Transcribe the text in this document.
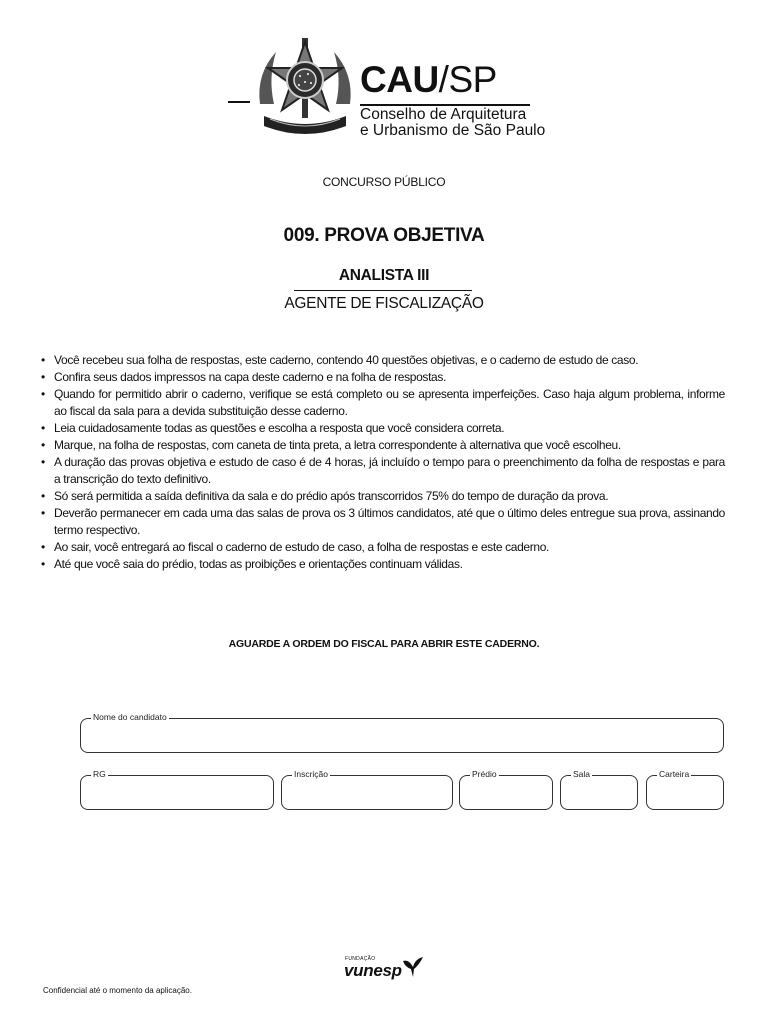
CAU/SP
Conselho de Arquitetura
e Urbanismo de São Paulo
CONCURSO PÚBLICO
009. PROVA OBJETIVA
ANALISTA III
AGENTE DE FISCALIZAÇÃO
• Você recebeu sua folha de respostas, este caderno, contendo 40 questões objetivas, e o caderno de estudo de caso.
• Confira seus dados impressos na capa deste caderno e na folha de respostas.
• Quando for permitido abrir o caderno, verifique se está completo ou se apresenta imperfeições. Caso haja algum problema, informe ao fiscal da sala para a devida substituição desse caderno.
• Leia cuidadosamente todas as questões e escolha a resposta que você considera correta.
• Marque, na folha de respostas, com caneta de tinta preta, a letra correspondente à alternativa que você escolheu.
• A duração das provas objetiva e estudo de caso é de 4 horas, já incluído o tempo para o preenchimento da folha de respostas e para a transcrição do texto definitivo.
• Só será permitida a saída definitiva da sala e do prédio após transcorridos 75% do tempo de duração da prova.
• Deverão permanecer em cada uma das salas de prova os 3 últimos candidatos, até que o último deles entregue sua prova, assinando termo respectivo.
• Ao sair, você entregará ao fiscal o caderno de estudo de caso, a folha de respostas e este caderno.
• Até que você saia do prédio, todas as proibições e orientações continuam válidas.
AGUARDE A ORDEM DO FISCAL PARA ABRIR ESTE CADERNO.
Nome do candidato
RG	Inscrição	Prédio	Sala	Carteira
FUNDAÇÃO
vunesp
Confidencial até o momento da aplicação.
